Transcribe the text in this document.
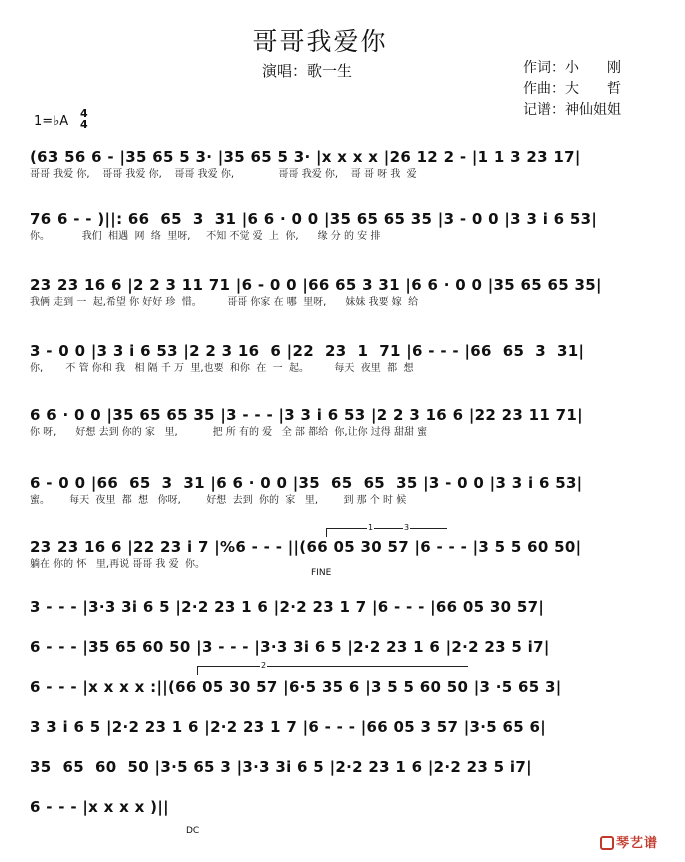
哥哥我爱你
演唱：歌一生	作词：小　　刚
作曲：大　　哲
记谱：神仙姐姐
1=♭A
4
4
(63 56 6 - |35 65 5 3· |35 65 5 3· |x x x x |26 12 2 - |1 1 3 23 17|
哥哥 我爱 你,    哥哥 我爱 你,    哥哥 我爱 你,              哥哥 我爱 你,    哥 哥 呀 我  爱
76 6 - - )||: 66  65  3  31 |6 6 · 0 0 |35 65 65 35 |3 - 0 0 |3 3 i 6 53|
你。          我们  相遇  网  络  里呀,     不知 不觉 爱  上  你,      缘 分 的 安 排
23 23 16 6 |2 2 3 11 71 |6 - 0 0 |66 65 3 31 |6 6 · 0 0 |35 65 65 35|
我俩 走到 一  起,希望 你 好好 珍  惜。        哥哥 你家 在 哪  里呀,      妹妹 我要 嫁  给
3 - 0 0 |3 3 i 6 53 |2 2 3 16  6 |22  23  1  71 |6 - - - |66  65  3  31|
你,       不 管 你和 我   相 隔 千 万  里,也要  和你  在  一  起。        每天  夜里  都  想
6 6 · 0 0 |35 65 65 35 |3 - - - |3 3 i 6 53 |2 2 3 16 6 |22 23 11 71|
你 呀,      好想 去到 你的 家   里,           把 所 有的 爱   全 部 都给  你,让你 过得 甜甜 蜜
6 - 0 0 |66  65  3  31 |6 6 · 0 0 |35  65  65  35 |3 - 0 0 |3 3 i 6 53|
蜜。      每天  夜里  都  想   你呀,        好想  去到  你的  家   里,        到 那 个 时 候
23 23 16 6 |22 23 i 7 |%6 - - - ||(66 05 30 57 |6 - - - |3 5 5 60 50|
躺在 你的 怀   里,再说 哥哥 我 爱  你。
3 - - - |3·3 3i 6 5 |2·2 23 1 6 |2·2 23 1 7 |6 - - - |66 05 30 57|
6 - - - |35 65 60 50 |3 - - - |3·3 3i 6 5 |2·2 23 1 6 |2·2 23 5 i7|
6 - - - |x x x x :||(66 05 30 57 |6·5 35 6 |3 5 5 60 50 |3 ·5 65 3|
3 3 i 6 5 |2·2 23 1 6 |2·2 23 1 7 |6 - - - |66 05 3 57 |3·5 65 6|
35  65  60  50 |3·5 65 3 |3·3 3i 6 5 |2·2 23 1 6 |2·2 23 5 i7|
6 - - - |x x x x )||
1	3
2
FINE
DC
琴艺谱
